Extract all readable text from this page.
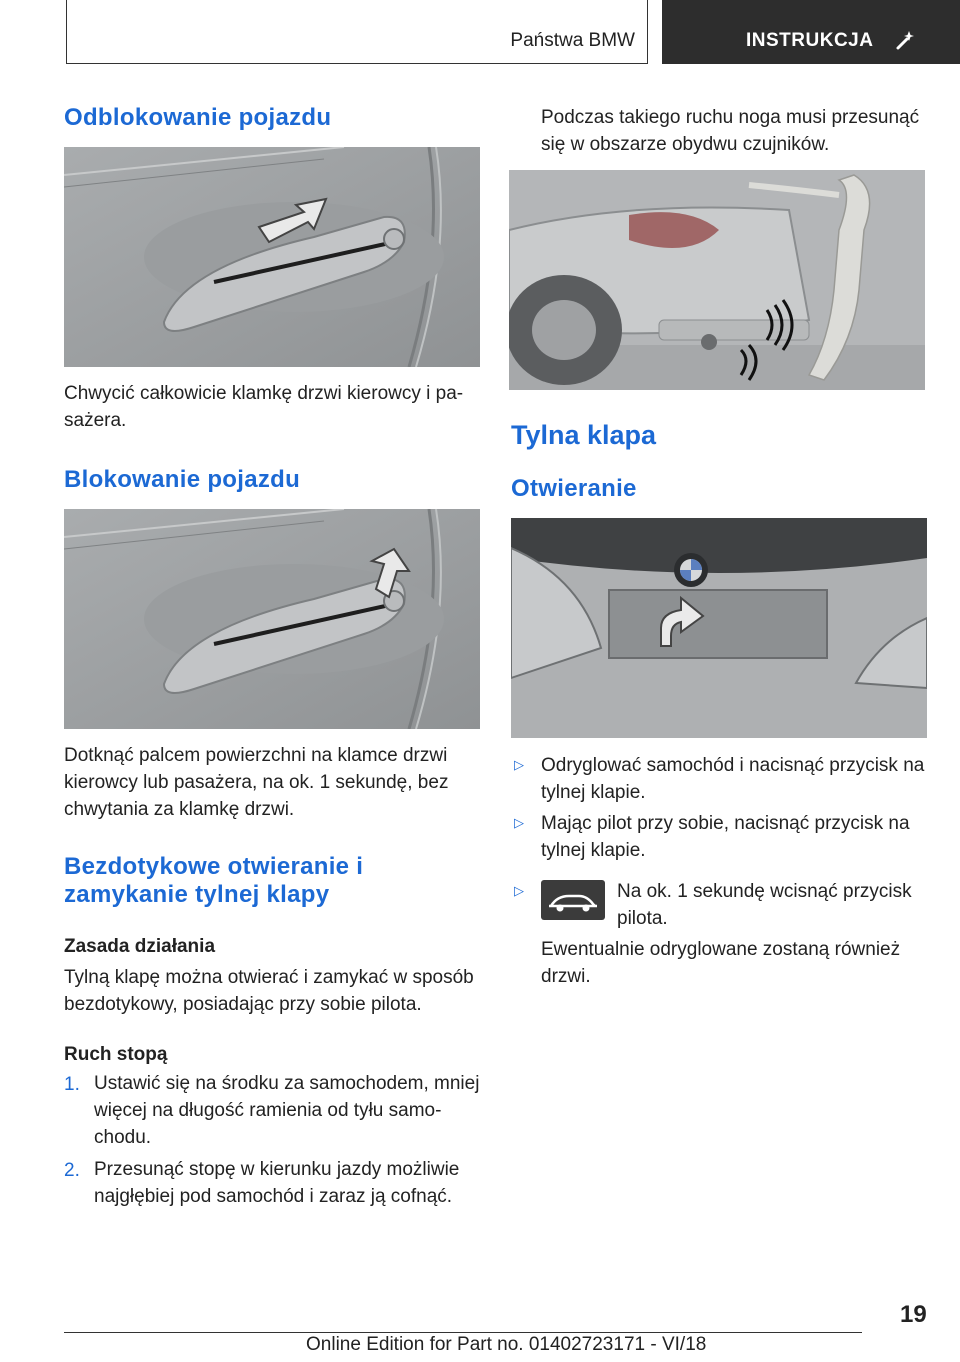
Państwa BMW	INSTRUKCJA
Odblokowanie pojazdu
Chwycić całkowicie klamkę drzwi kierowcy i pa‐
sażera.
Blokowanie pojazdu
Dotknąć palcem powierzchni na klamce drzwi
kierowcy lub pasażera, na ok. 1 sekundę, bez
chwytania za klamkę drzwi.
Bezdotykowe otwieranie i
zamykanie tylnej klapy
Zasada działania
Tylną klapę można otwierać i zamykać w sposób
bezdotykowy, posiadając przy sobie pilota.
Ruch stopą
1. Ustawić się na środku za samochodem, mniej
więcej na długość ramienia od tyłu samo‐
chodu.
2. Przesunąć stopę w kierunku jazdy możliwie
najgłębiej pod samochód i zaraz ją cofnąć.
Podczas takiego ruchu noga musi przesunąć
się w obszarze obydwu czujników.
Tylna klapa
Otwieranie
▷ Odryglować samochód i nacisnąć przycisk na
tylnej klapie.
▷ Mając pilot przy sobie, nacisnąć przycisk na
tylnej klapie.
▷	Na ok. 1 sekundę wcisnąć przycisk
pilota.
Ewentualnie odryglowane zostaną również
drzwi.
19
Online Edition for Part no. 01402723171 - VI/18
